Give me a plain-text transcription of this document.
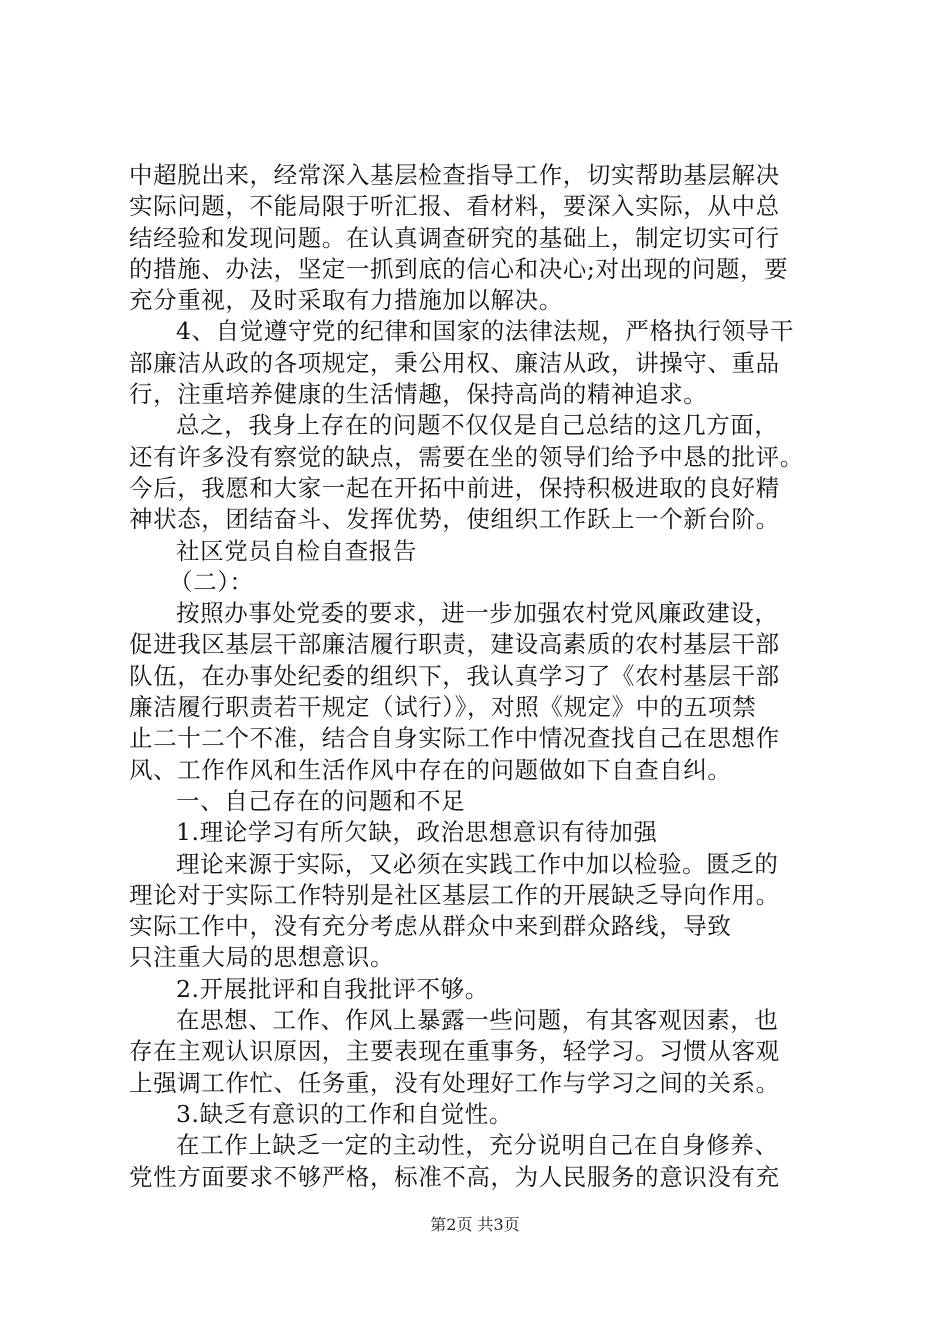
中超脱出来，经常深入基层检查指导工作，切实帮助基层解决
实际问题，不能局限于听汇报、看材料，要深入实际，从中总
结经验和发现问题。在认真调查研究的基础上，制定切实可行
的措施、办法，坚定一抓到底的信心和决心;对出现的问题，要
充分重视，及时采取有力措施加以解决。
4、自觉遵守党的纪律和国家的法律法规，严格执行领导干
部廉洁从政的各项规定，秉公用权、廉洁从政，讲操守、重品
行，注重培养健康的生活情趣，保持高尚的精神追求。
总之，我身上存在的问题不仅仅是自己总结的这几方面，
还有许多没有察觉的缺点，需要在坐的领导们给予中恳的批评。
今后，我愿和大家一起在开拓中前进，保持积极进取的良好精
神状态，团结奋斗、发挥优势，使组织工作跃上一个新台阶。
社区党员自检自查报告
（二）：
按照办事处党委的要求，进一步加强农村党风廉政建设，
促进我区基层干部廉洁履行职责，建设高素质的农村基层干部
队伍，在办事处纪委的组织下，我认真学习了《农村基层干部
廉洁履行职责若干规定（试行）》，对照《规定》中的五项禁
止二十二个不准，结合自身实际工作中情况查找自己在思想作
风、工作作风和生活作风中存在的问题做如下自查自纠。
一、自己存在的问题和不足
1.理论学习有所欠缺，政治思想意识有待加强
理论来源于实际，又必须在实践工作中加以检验。匮乏的
理论对于实际工作特别是社区基层工作的开展缺乏导向作用。
实际工作中，没有充分考虑从群众中来到群众路线，导致
只注重大局的思想意识。
2.开展批评和自我批评不够。
在思想、工作、作风上暴露一些问题，有其客观因素，也
存在主观认识原因，主要表现在重事务，轻学习。习惯从客观
上强调工作忙、任务重，没有处理好工作与学习之间的关系。
3.缺乏有意识的工作和自觉性。
在工作上缺乏一定的主动性，充分说明自己在自身修养、
党性方面要求不够严格，标准不高，为人民服务的意识没有充
第2页 共3页
